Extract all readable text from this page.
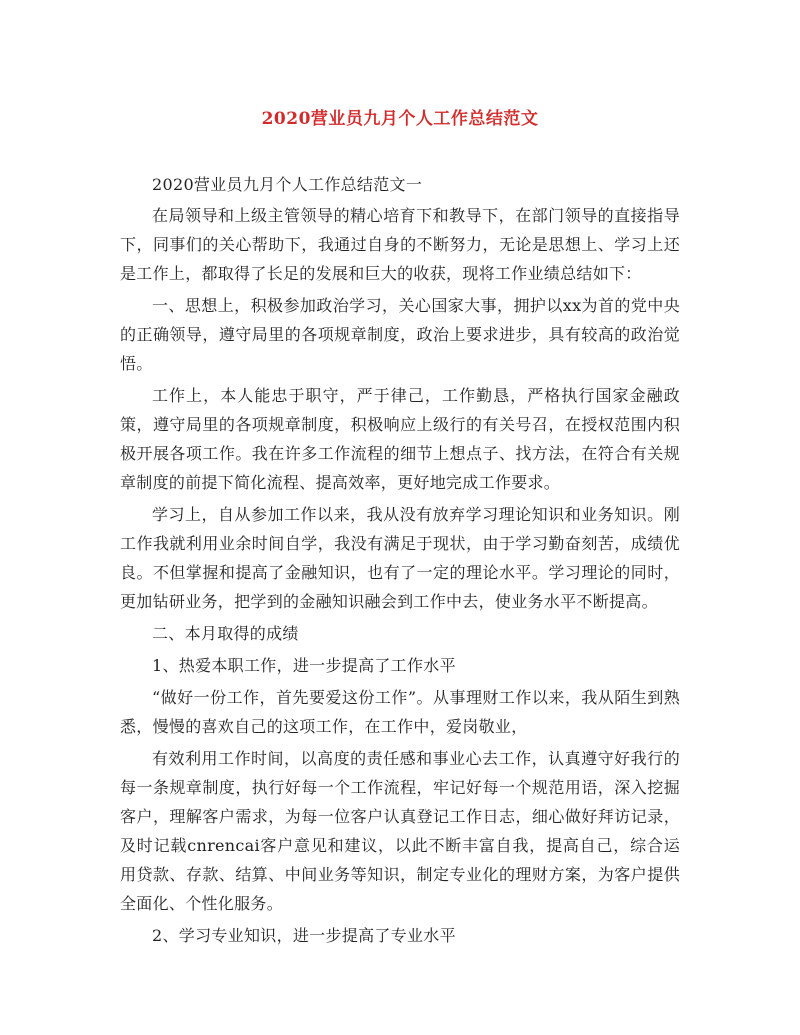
2020营业员九月个人工作总结范文

2020营业员九月个人工作总结范文一

在局领导和上级主管领导的精心培育下和教导下，在部门领导的直接指导下，同事们的关心帮助下，我通过自身的不断努力，无论是思想上、学习上还是工作上，都取得了长足的发展和巨大的收获，现将工作业绩总结如下：

一、思想上，积极参加政治学习，关心国家大事，拥护以xx为首的党中央的正确领导，遵守局里的各项规章制度，政治上要求进步，具有较高的政治觉悟。

工作上，本人能忠于职守，严于律己，工作勤恳，严格执行国家金融政策，遵守局里的各项规章制度，积极响应上级行的有关号召，在授权范围内积极开展各项工作。我在许多工作流程的细节上想点子、找方法，在符合有关规章制度的前提下简化流程、提高效率，更好地完成工作要求。

学习上，自从参加工作以来，我从没有放弃学习理论知识和业务知识。刚工作我就利用业余时间自学，我没有满足于现状，由于学习勤奋刻苦，成绩优良。不但掌握和提高了金融知识，也有了一定的理论水平。学习理论的同时，更加钻研业务，把学到的金融知识融会到工作中去，使业务水平不断提高。

二、本月取得的成绩

1、热爱本职工作，进一步提高了工作水平

“做好一份工作，首先要爱这份工作”。从事理财工作以来，我从陌生到熟悉，慢慢的喜欢自己的这项工作，在工作中，爱岗敬业，

有效利用工作时间，以高度的责任感和事业心去工作，认真遵守好我行的每一条规章制度，执行好每一个工作流程，牢记好每一个规范用语，深入挖掘客户，理解客户需求，为每一位客户认真登记工作日志，细心做好拜访记录，及时记载cnrencai客户意见和建议，以此不断丰富自我，提高自己，综合运用贷款、存款、结算、中间业务等知识，制定专业化的理财方案，为客户提供全面化、个性化服务。

2、学习专业知识，进一步提高了专业水平
